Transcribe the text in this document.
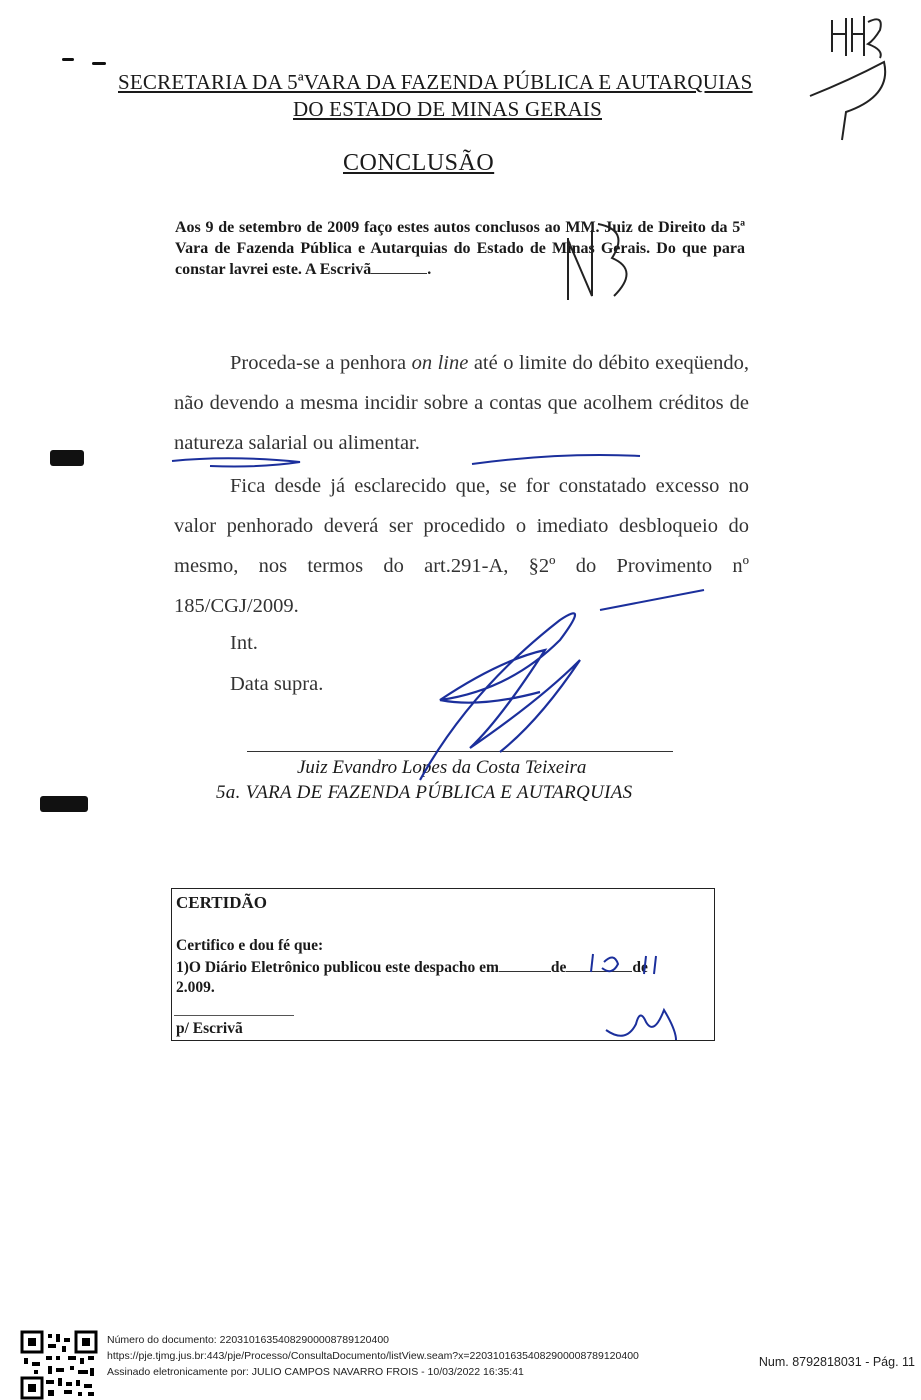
SECRETARIA DA 5ªVARA DA FAZENDA PÚBLICA E AUTARQUIAS
DO ESTADO DE MINAS GERAIS
CONCLUSÃO
Aos 9 de setembro de 2009 faço estes autos conclusos ao MM. Juiz de Direito da 5ª Vara de Fazenda Pública e Autarquias do Estado de Minas Gerais. Do que para constar lavrei este. A Escrivã	.
Proceda-se a penhora on line até o limite do débito exeqüendo, não devendo a mesma incidir sobre a contas que acolhem créditos de natureza salarial ou alimentar.
Fica desde já esclarecido que, se for constatado excesso no valor penhorado deverá ser procedido o imediato desbloqueio do mesmo, nos termos do art.291-A, §2º do Provimento nº 185/CGJ/2009.
Int.
Data supra.
Juiz Evandro Lopes da Costa Teixeira
5a. VARA DE FAZENDA PÚBLICA E AUTARQUIAS
CERTIDÃO
Certifico e dou fé que:
1)O Diário Eletrônico publicou este despacho em	de	de
2.009.
p/ Escrivã
Número do documento: 22031016354082900008789120400
https://pje.tjmg.jus.br:443/pje/Processo/ConsultaDocumento/listView.seam?x=22031016354082900008789120400
Assinado eletronicamente por: JULIO CAMPOS NAVARRO FROIS - 10/03/2022 16:35:41
Num. 8792818031 - Pág. 11
